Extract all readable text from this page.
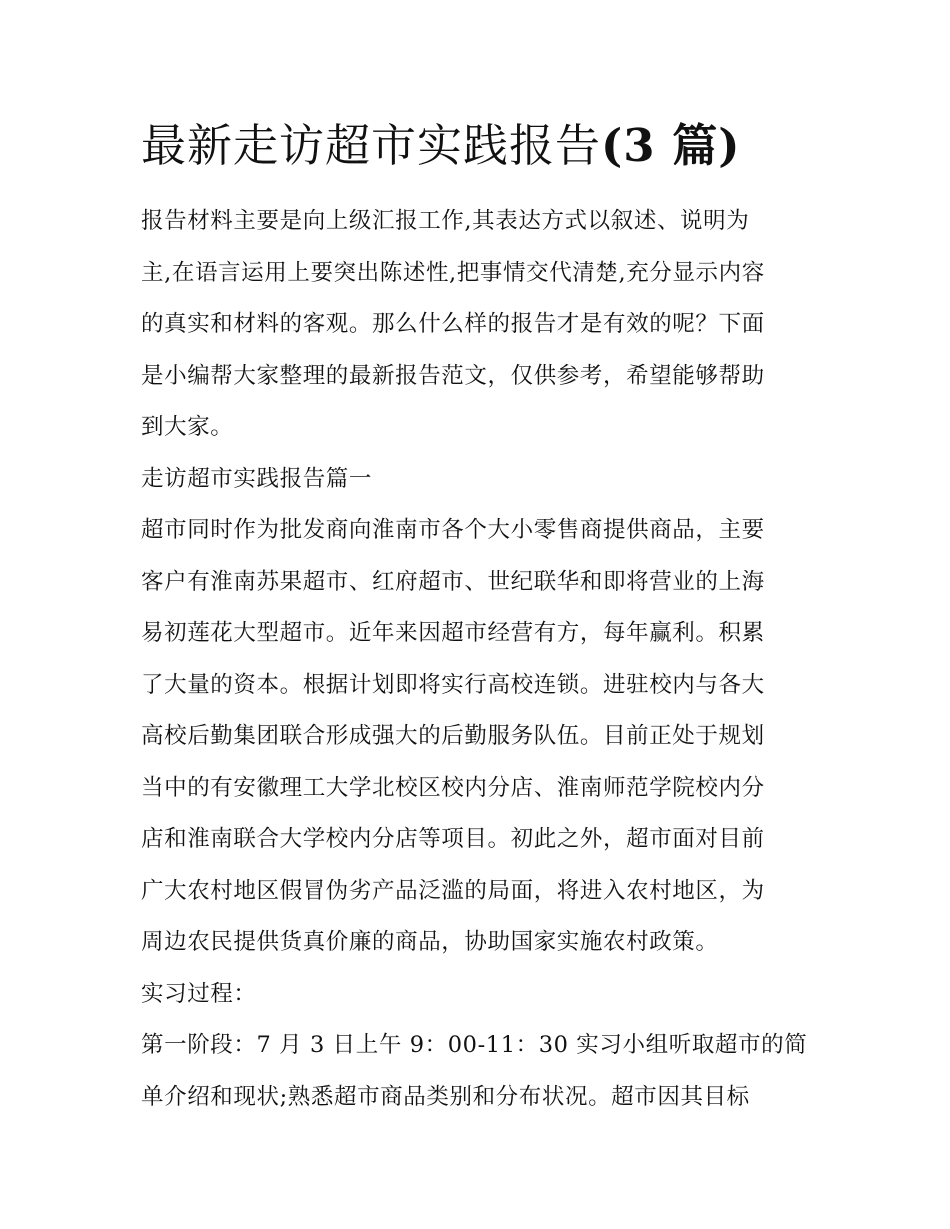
最新走访超市实践报告(3 篇)

报告材料主要是向上级汇报工作,其表达方式以叙述、说明为
主,在语言运用上要突出陈述性,把事情交代清楚,充分显示内容
的真实和材料的客观。那么什么样的报告才是有效的呢？下面
是小编帮大家整理的最新报告范文，仅供参考，希望能够帮助
到大家。

走访超市实践报告篇一

超市同时作为批发商向淮南市各个大小零售商提供商品，主要
客户有淮南苏果超市、红府超市、世纪联华和即将营业的上海
易初莲花大型超市。近年来因超市经营有方，每年赢利。积累
了大量的资本。根据计划即将实行高校连锁。进驻校内与各大
高校后勤集团联合形成强大的后勤服务队伍。目前正处于规划
当中的有安徽理工大学北校区校内分店、淮南师范学院校内分
店和淮南联合大学校内分店等项目。初此之外，超市面对目前
广大农村地区假冒伪劣产品泛滥的局面，将进入农村地区，为
周边农民提供货真价廉的商品，协助国家实施农村政策。

实习过程：

第一阶段：7 月 3 日上午 9：00-11：30 实习小组听取超市的简
单介绍和现状;熟悉超市商品类别和分布状况。超市因其目标
